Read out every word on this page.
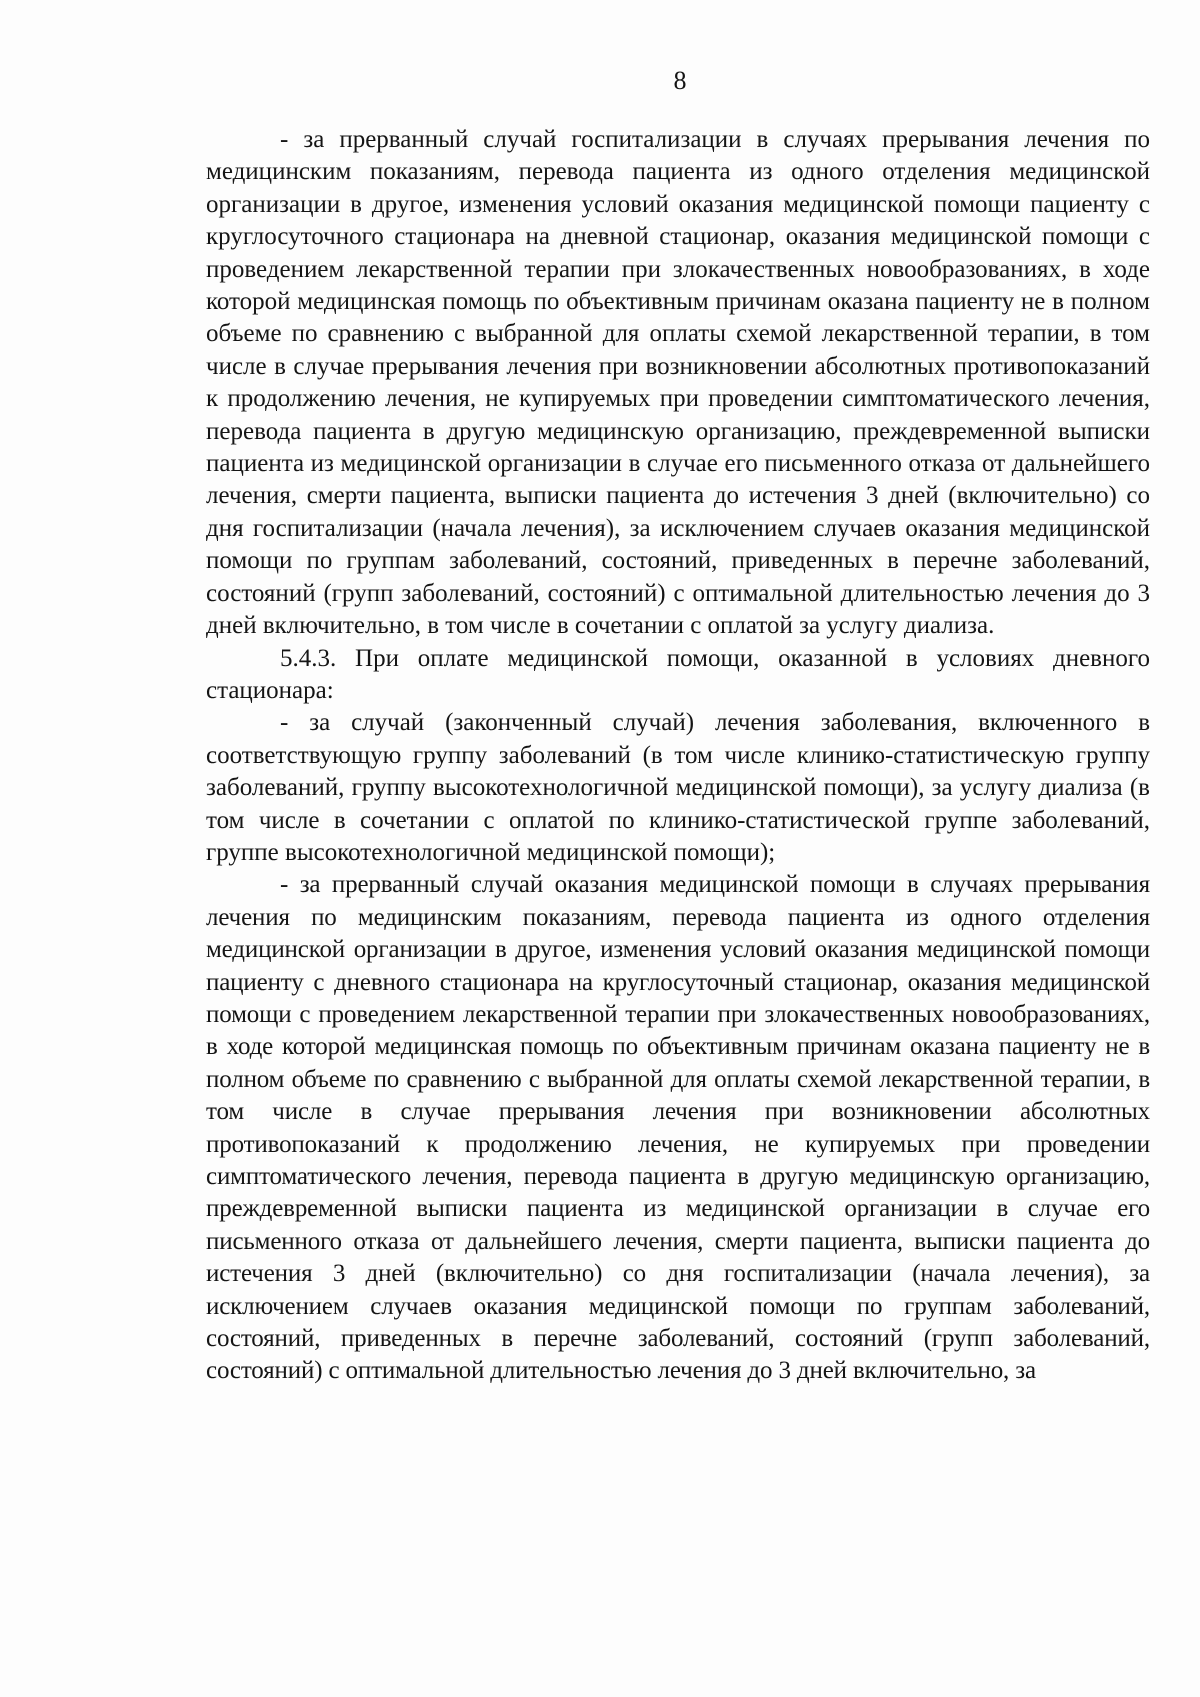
8

- за прерванный случай госпитализации в случаях прерывания лечения по медицинским показаниям, перевода пациента из одного отделения медицинской организации в другое, изменения условий оказания медицинской помощи пациенту с круглосуточного стационара на дневной стационар, оказания медицинской помощи с проведением лекарственной терапии при злокачественных новообразованиях, в ходе которой медицинская помощь по объективным причинам оказана пациенту не в полном объеме по сравнению с выбранной для оплаты схемой лекарственной терапии, в том числе в случае прерывания лечения при возникновении абсолютных противопоказаний к продолжению лечения, не купируемых при проведении симптоматического лечения, перевода пациента в другую медицинскую организацию, преждевременной выписки пациента из медицинской организации в случае его письменного отказа от дальнейшего лечения, смерти пациента, выписки пациента до истечения 3 дней (включительно) со дня госпитализации (начала лечения), за исключением случаев оказания медицинской помощи по группам заболеваний, состояний, приведенных в перечне заболеваний, состояний (групп заболеваний, состояний) с оптимальной длительностью лечения до 3 дней включительно, в том числе в сочетании с оплатой за услугу диализа.

5.4.3. При оплате медицинской помощи, оказанной в условиях дневного стационара:

- за случай (законченный случай) лечения заболевания, включенного в соответствующую группу заболеваний (в том числе клинико-статистическую группу заболеваний, группу высокотехнологичной медицинской помощи), за услугу диализа (в том числе в сочетании с оплатой по клинико-статистической группе заболеваний, группе высокотехнологичной медицинской помощи);

- за прерванный случай оказания медицинской помощи в случаях прерывания лечения по медицинским показаниям, перевода пациента из одного отделения медицинской организации в другое, изменения условий оказания медицинской помощи пациенту с дневного стационара на круглосуточный стационар, оказания медицинской помощи с проведением лекарственной терапии при злокачественных новообразованиях, в ходе которой медицинская помощь по объективным причинам оказана пациенту не в полном объеме по сравнению с выбранной для оплаты схемой лекарственной терапии, в том числе в случае прерывания лечения при возникновении абсолютных противопоказаний к продолжению лечения, не купируемых при проведении симптоматического лечения, перевода пациента в другую медицинскую организацию, преждевременной выписки пациента из медицинской организации в случае его письменного отказа от дальнейшего лечения, смерти пациента, выписки пациента до истечения 3 дней (включительно) со дня госпитализации (начала лечения), за исключением случаев оказания медицинской помощи по группам заболеваний, состояний, приведенных в перечне заболеваний, состояний (групп заболеваний, состояний) с оптимальной длительностью лечения до 3 дней включительно, за
